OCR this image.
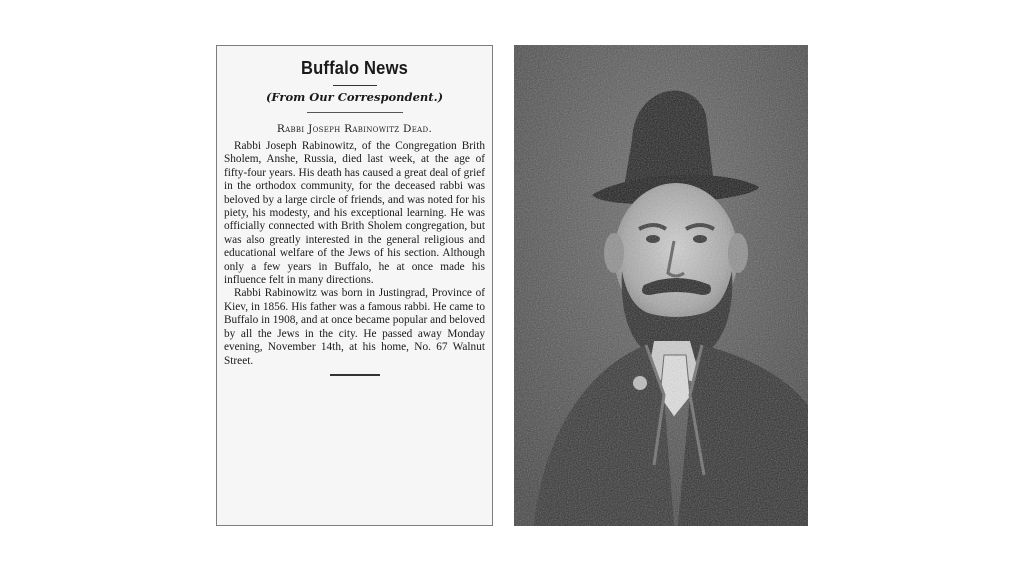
Buffalo News
(From Our Correspondent.)
Rabbi Joseph Rabinowitz Dead.

Rabbi Joseph Rabinowitz, of the Congregation Brith Sholem, Anshe, Russia, died last week, at the age of fifty-four years. His death has caused a great deal of grief in the orthodox community, for the deceased rabbi was beloved by a large circle of friends, and was noted for his piety, his modesty, and his exceptional learning. He was officially connected with Brith Sholem congregation, but was also greatly interested in the general religious and educational welfare of the Jews of his section. Although only a few years in Buffalo, he at once made his influence felt in many directions.

Rabbi Rabinowitz was born in Justingrad, Province of Kiev, in 1856. His father was a famous rabbi. He came to Buffalo in 1908, and at once became popular and beloved by all the Jews in the city. He passed away Monday evening, November 14th, at his home, No. 67 Walnut Street.
